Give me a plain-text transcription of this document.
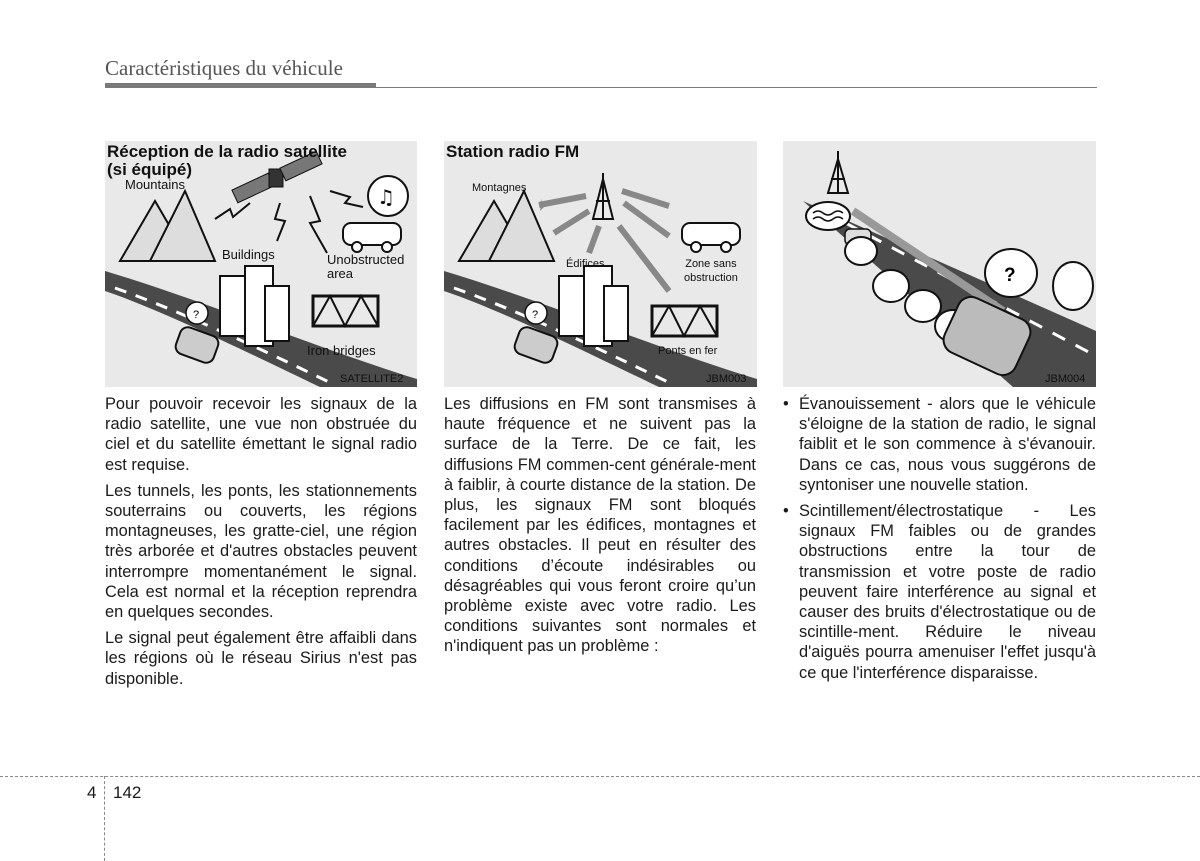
Caractéristiques du véhicule
♫
?
Réception de la radio satellite
(si équipé)
Mountains
Buildings	Unobstructed
area
Iron bridges
SATELLITE2
?
Station radio FM
Montagnes
Édifices	Zone sans
obstruction
Ponts en fer
JBM003
?
JBM004

Pour pouvoir recevoir les signaux de la radio satellite, une vue non obstruée du ciel et du satellite émettant le signal radio est requise.

Les tunnels, les ponts, les stationnements souterrains ou couverts, les régions montagneuses, les gratte-ciel, une région très arborée et d'autres obstacles peuvent interrompre momentanément le signal. Cela est normal et la réception reprendra en quelques secondes.

Le signal peut également être affaibli dans les régions où le réseau Sirius n'est pas disponible.

Les diffusions en FM sont transmises à haute fréquence et ne suivent pas la surface de la Terre. De ce fait, les diffusions FM commen-cent générale-ment à faiblir, à courte distance de la station. De plus, les signaux FM sont bloqués facilement par les édifices, montagnes et autres obstacles. Il peut en résulter des conditions d’écoute indésirables ou désagréables qui vous feront croire qu’un problème existe avec votre radio. Les conditions suivantes sont normales et n'indiquent pas un problème :

• Évanouissement - alors que le véhicule s'éloigne de la station de radio, le signal faiblit et le son commence à s'évanouir. Dans ce cas, nous vous suggérons de syntoniser une nouvelle station.
• Scintillement/électrostatique - Les signaux FM faibles ou de grandes obstructions entre la tour de transmission et votre poste de radio peuvent faire interférence au signal et causer des bruits d'électrostatique ou de scintille-ment. Réduire le niveau d'aiguës pourra amenuiser l'effet jusqu'à ce que l'interférence disparaisse.
4 142
